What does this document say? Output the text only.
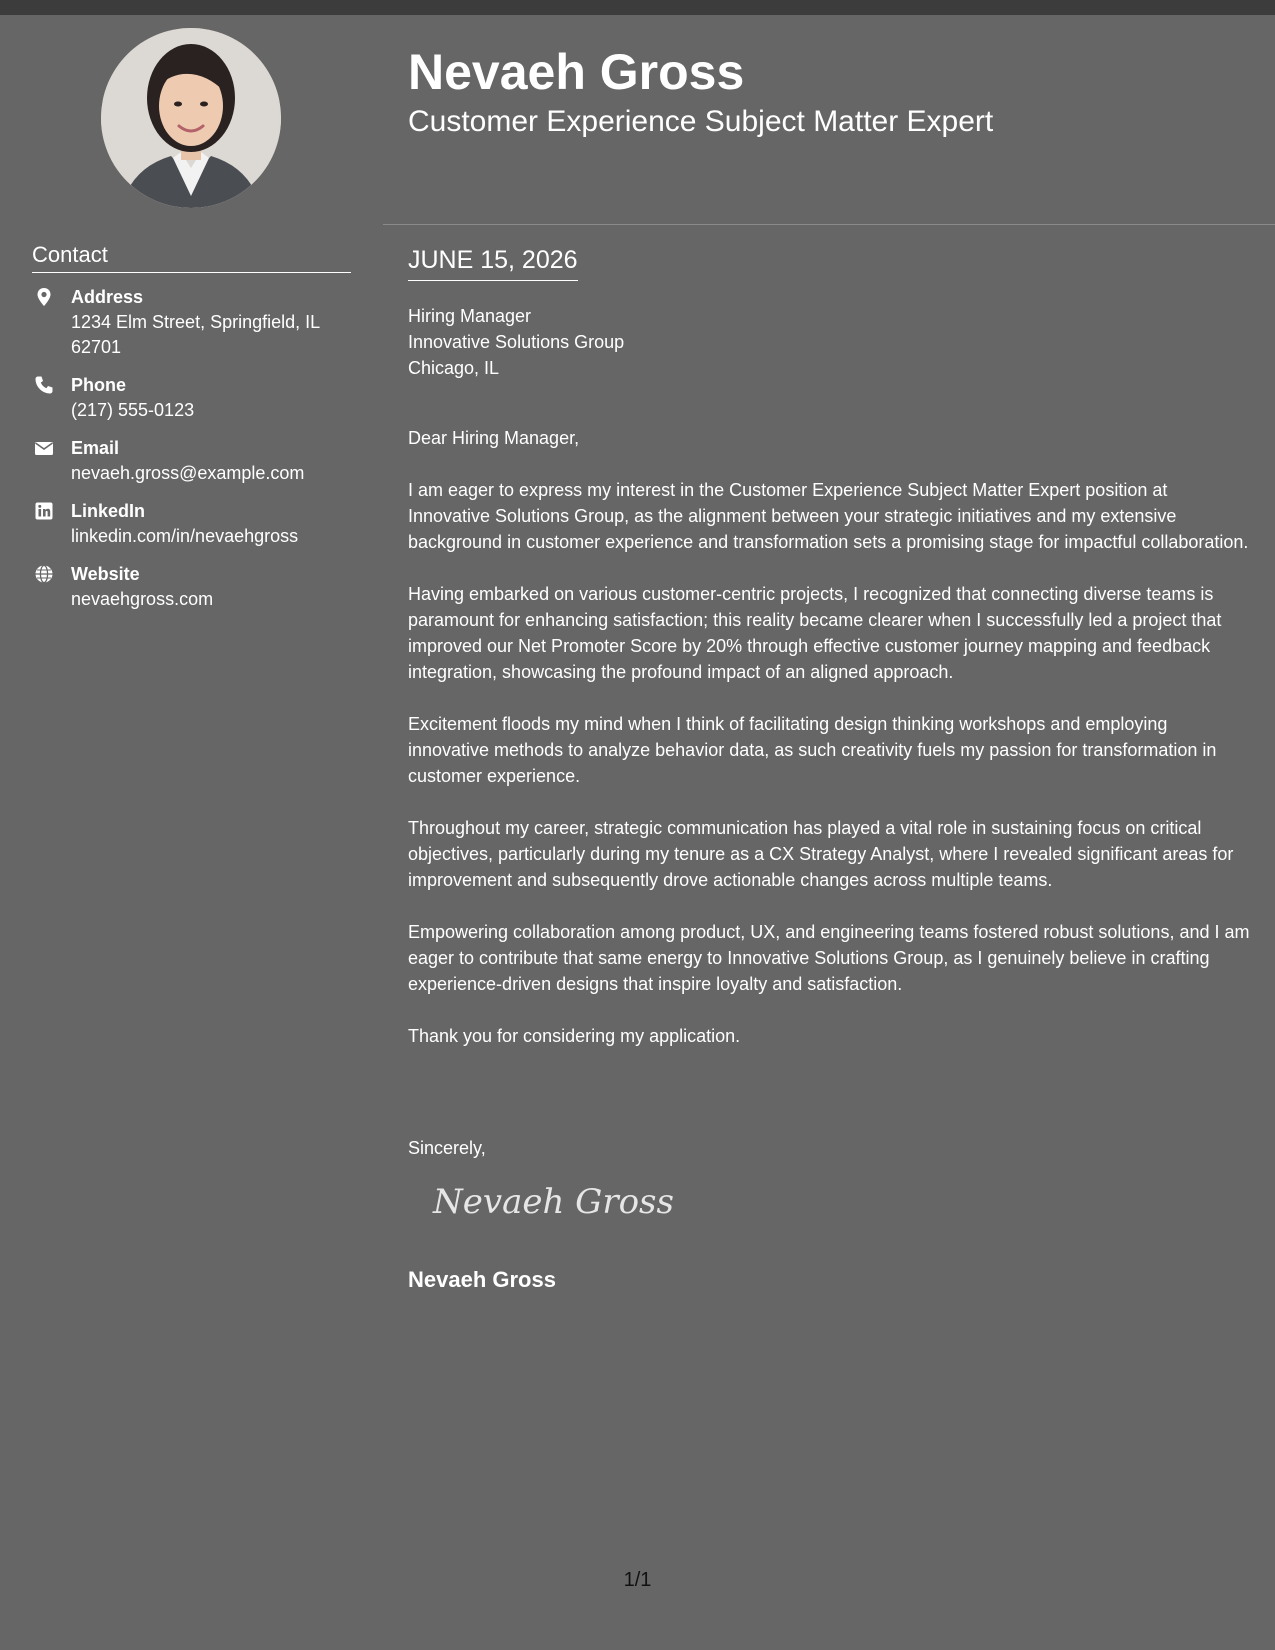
Contact
Address
1234 Elm Street, Springfield, IL 62701
Phone
(217) 555-0123
Email
nevaeh.gross@example.com
LinkedIn
linkedin.com/in/nevaehgross
Website
nevaehgross.com
Nevaeh Gross
Customer Experience Subject Matter Expert
JUNE 15, 2026
Hiring Manager
Innovative Solutions Group
Chicago, IL

Dear Hiring Manager,

I am eager to express my interest in the Customer Experience Subject Matter Expert position at Innovative Solutions Group, as the alignment between your strategic initiatives and my extensive background in customer experience and transformation sets a promising stage for impactful collaboration.

Having embarked on various customer-centric projects, I recognized that connecting diverse teams is paramount for enhancing satisfaction; this reality became clearer when I successfully led a project that improved our Net Promoter Score by 20% through effective customer journey mapping and feedback integration, showcasing the profound impact of an aligned approach.

Excitement floods my mind when I think of facilitating design thinking workshops and employing innovative methods to analyze behavior data, as such creativity fuels my passion for transformation in customer experience.

Throughout my career, strategic communication has played a vital role in sustaining focus on critical objectives, particularly during my tenure as a CX Strategy Analyst, where I revealed significant areas for improvement and subsequently drove actionable changes across multiple teams.

Empowering collaboration among product, UX, and engineering teams fostered robust solutions, and I am eager to contribute that same energy to Innovative Solutions Group, as I genuinely believe in crafting experience-driven designs that inspire loyalty and satisfaction.

Thank you for considering my application.

Sincerely,
Nevaeh Gross
Nevaeh Gross
1/1
